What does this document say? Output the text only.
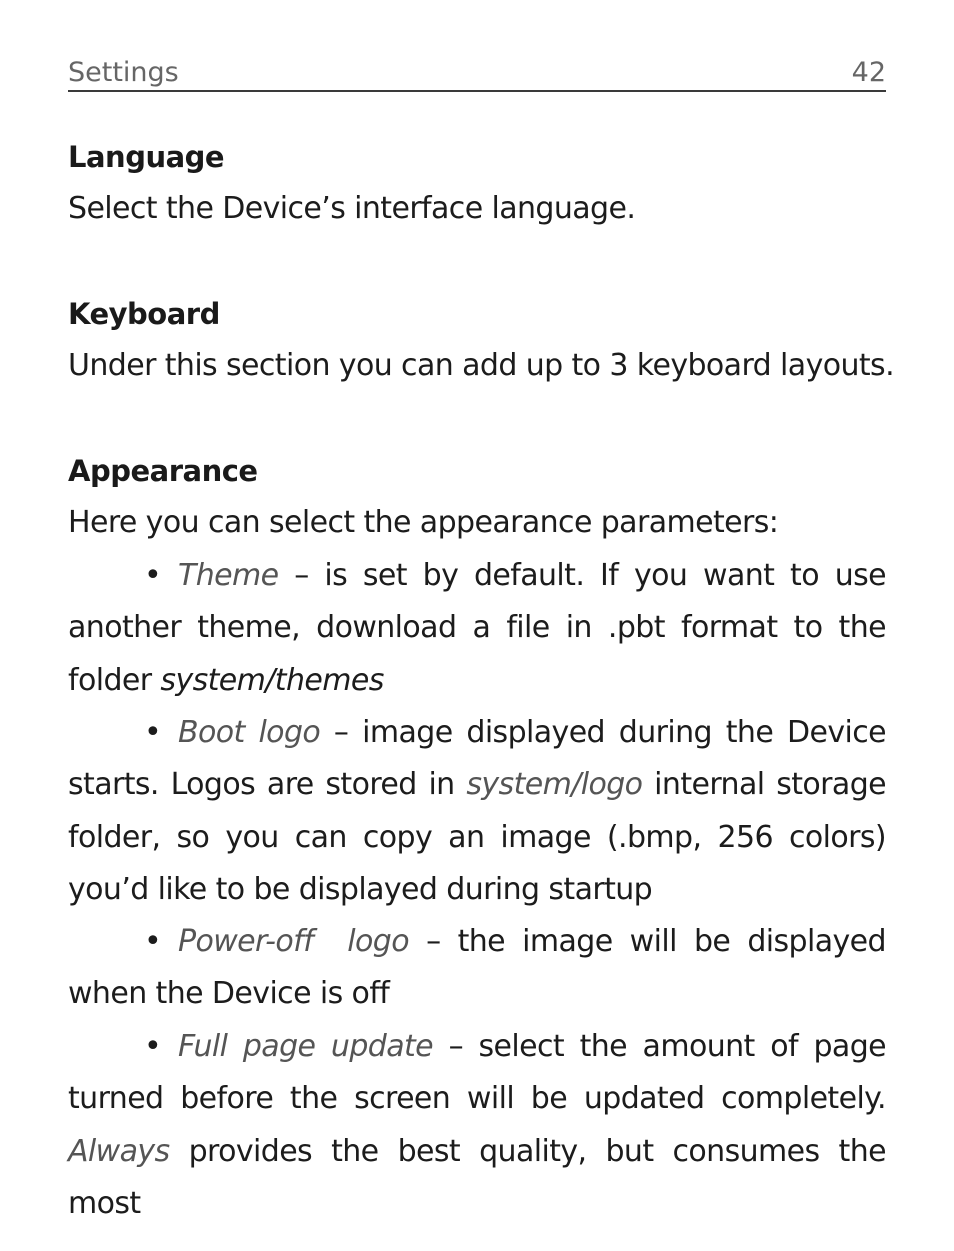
Settings	42
Language
Select the Device’s interface language.
Keyboard
Under this section you can add up to 3 keyboard layouts.
Appearance
Here you can select the appearance parameters:
• Theme – is set by default. If you want to use another theme, download a file in .pbt format to the folder system/themes
• Boot logo – image displayed during the Device starts. Logos are stored in system/logo internal storage folder, so you can copy an image (.bmp, 256 colors) you’d like to be displayed during startup
• Power-off  logo – the image will be displayed when the Device is off
• Full page update – select the amount of page turned before the screen will be updated completely. Always provides the best quality, but consumes the most
